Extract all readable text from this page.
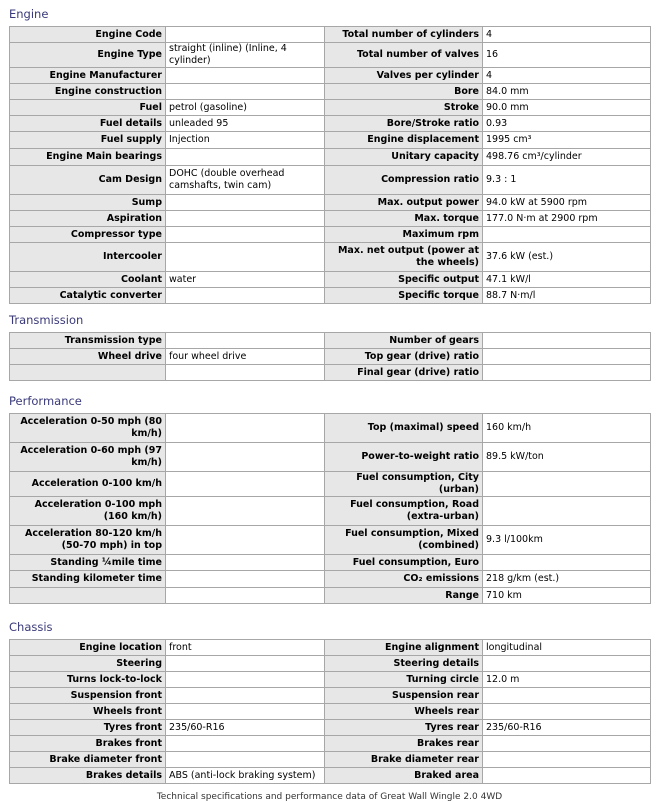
Engine
Engine Code		Total number of cylinders	4
Engine Type	straight (inline) (Inline, 4 cylinder)	Total number of valves	16
Engine Manufacturer		Valves per cylinder	4
Engine construction		Bore	84.0 mm
Fuel	petrol (gasoline)	Stroke	90.0 mm
Fuel details	unleaded 95	Bore/Stroke ratio	0.93
Fuel supply	Injection	Engine displacement	1995 cm³
Engine Main bearings		Unitary capacity	498.76 cm³/cylinder
Cam Design	DOHC (double overhead camshafts, twin cam)	Compression ratio	9.3 : 1
Sump		Max. output power	94.0 kW at 5900 rpm
Aspiration		Max. torque	177.0 N·m at 2900 rpm
Compressor type		Maximum rpm	
Intercooler		Max. net output (power at the wheels)	37.6 kW (est.)
Coolant	water	Specific output	47.1 kW/l
Catalytic converter		Specific torque	88.7 N·m/l
Transmission
Transmission type		Number of gears	
Wheel drive	four wheel drive	Top gear (drive) ratio	
		Final gear (drive) ratio	
Performance
Acceleration 0-50 mph (80 km/h)		Top (maximal) speed	160 km/h
Acceleration 0-60 mph (97 km/h)		Power-to-weight ratio	89.5 kW/ton
Acceleration 0-100 km/h		Fuel consumption, City (urban)	
Acceleration 0-100 mph (160 km/h)		Fuel consumption, Road (extra-urban)	
Acceleration 80-120 km/h (50-70 mph) in top		Fuel consumption, Mixed (combined)	9.3 l/100km
Standing ¼mile time		Fuel consumption, Euro	
Standing kilometer time		CO₂ emissions	218 g/km (est.)
		Range	710 km
Chassis
Engine location	front	Engine alignment	longitudinal
Steering		Steering details	
Turns lock-to-lock		Turning circle	12.0 m
Suspension front		Suspension rear	
Wheels front		Wheels rear	
Tyres front	235/60-R16	Tyres rear	235/60-R16
Brakes front		Brakes rear	
Brake diameter front		Brake diameter rear	
Brakes details	ABS (anti-lock braking system)	Braked area	
Technical specifications and performance data of Great Wall Wingle 2.0 4WD
